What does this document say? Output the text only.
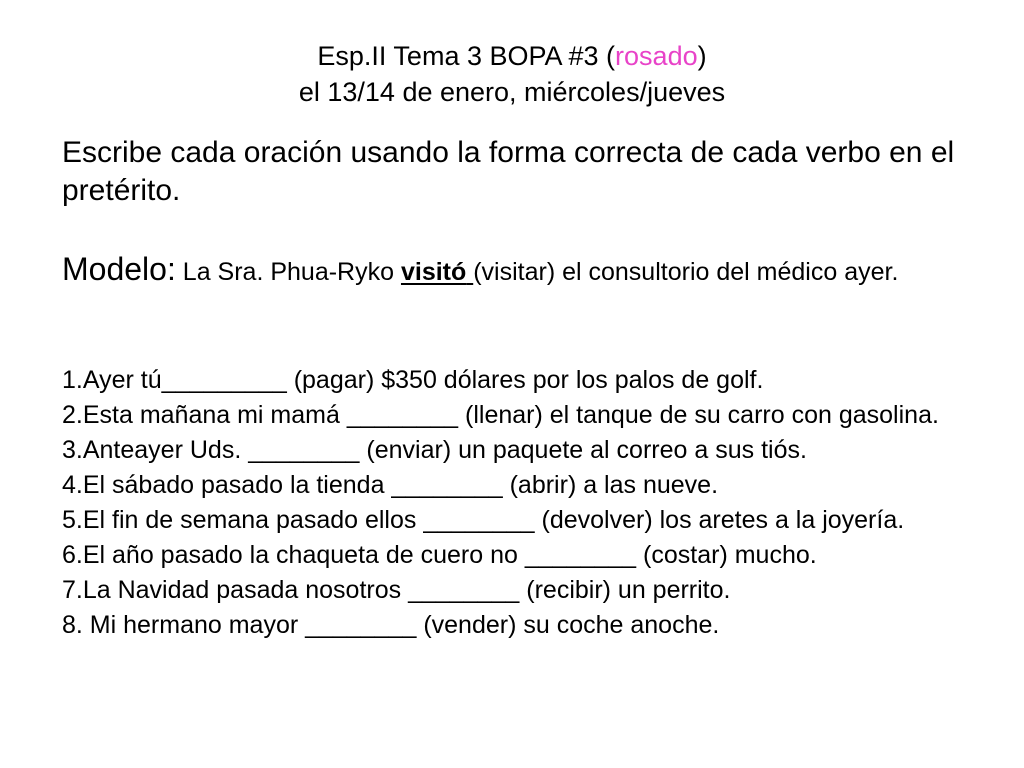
Esp.II Tema 3 BOPA #3 (rosado)
el 13/14 de enero, miércoles/jueves
Escribe cada oración usando la forma correcta de cada verbo en el pretérito.
Modelo: La Sra. Phua-Ryko visitó (visitar) el consultorio del médico ayer.
1.Ayer tú_________ (pagar) $350 dólares por los palos de golf.
2.Esta mañana mi mamá ________ (llenar) el tanque de su carro con gasolina.
3.Anteayer Uds. ________ (enviar) un paquete al correo a sus tiós.
4.El sábado pasado la tienda ________ (abrir) a las nueve.
5.El fin de semana pasado ellos ________ (devolver) los aretes a la joyería.
6.El año pasado la chaqueta de cuero no ________ (costar) mucho.
7.La Navidad pasada nosotros ________ (recibir) un perrito.
8. Mi hermano mayor ________ (vender) su coche anoche.
